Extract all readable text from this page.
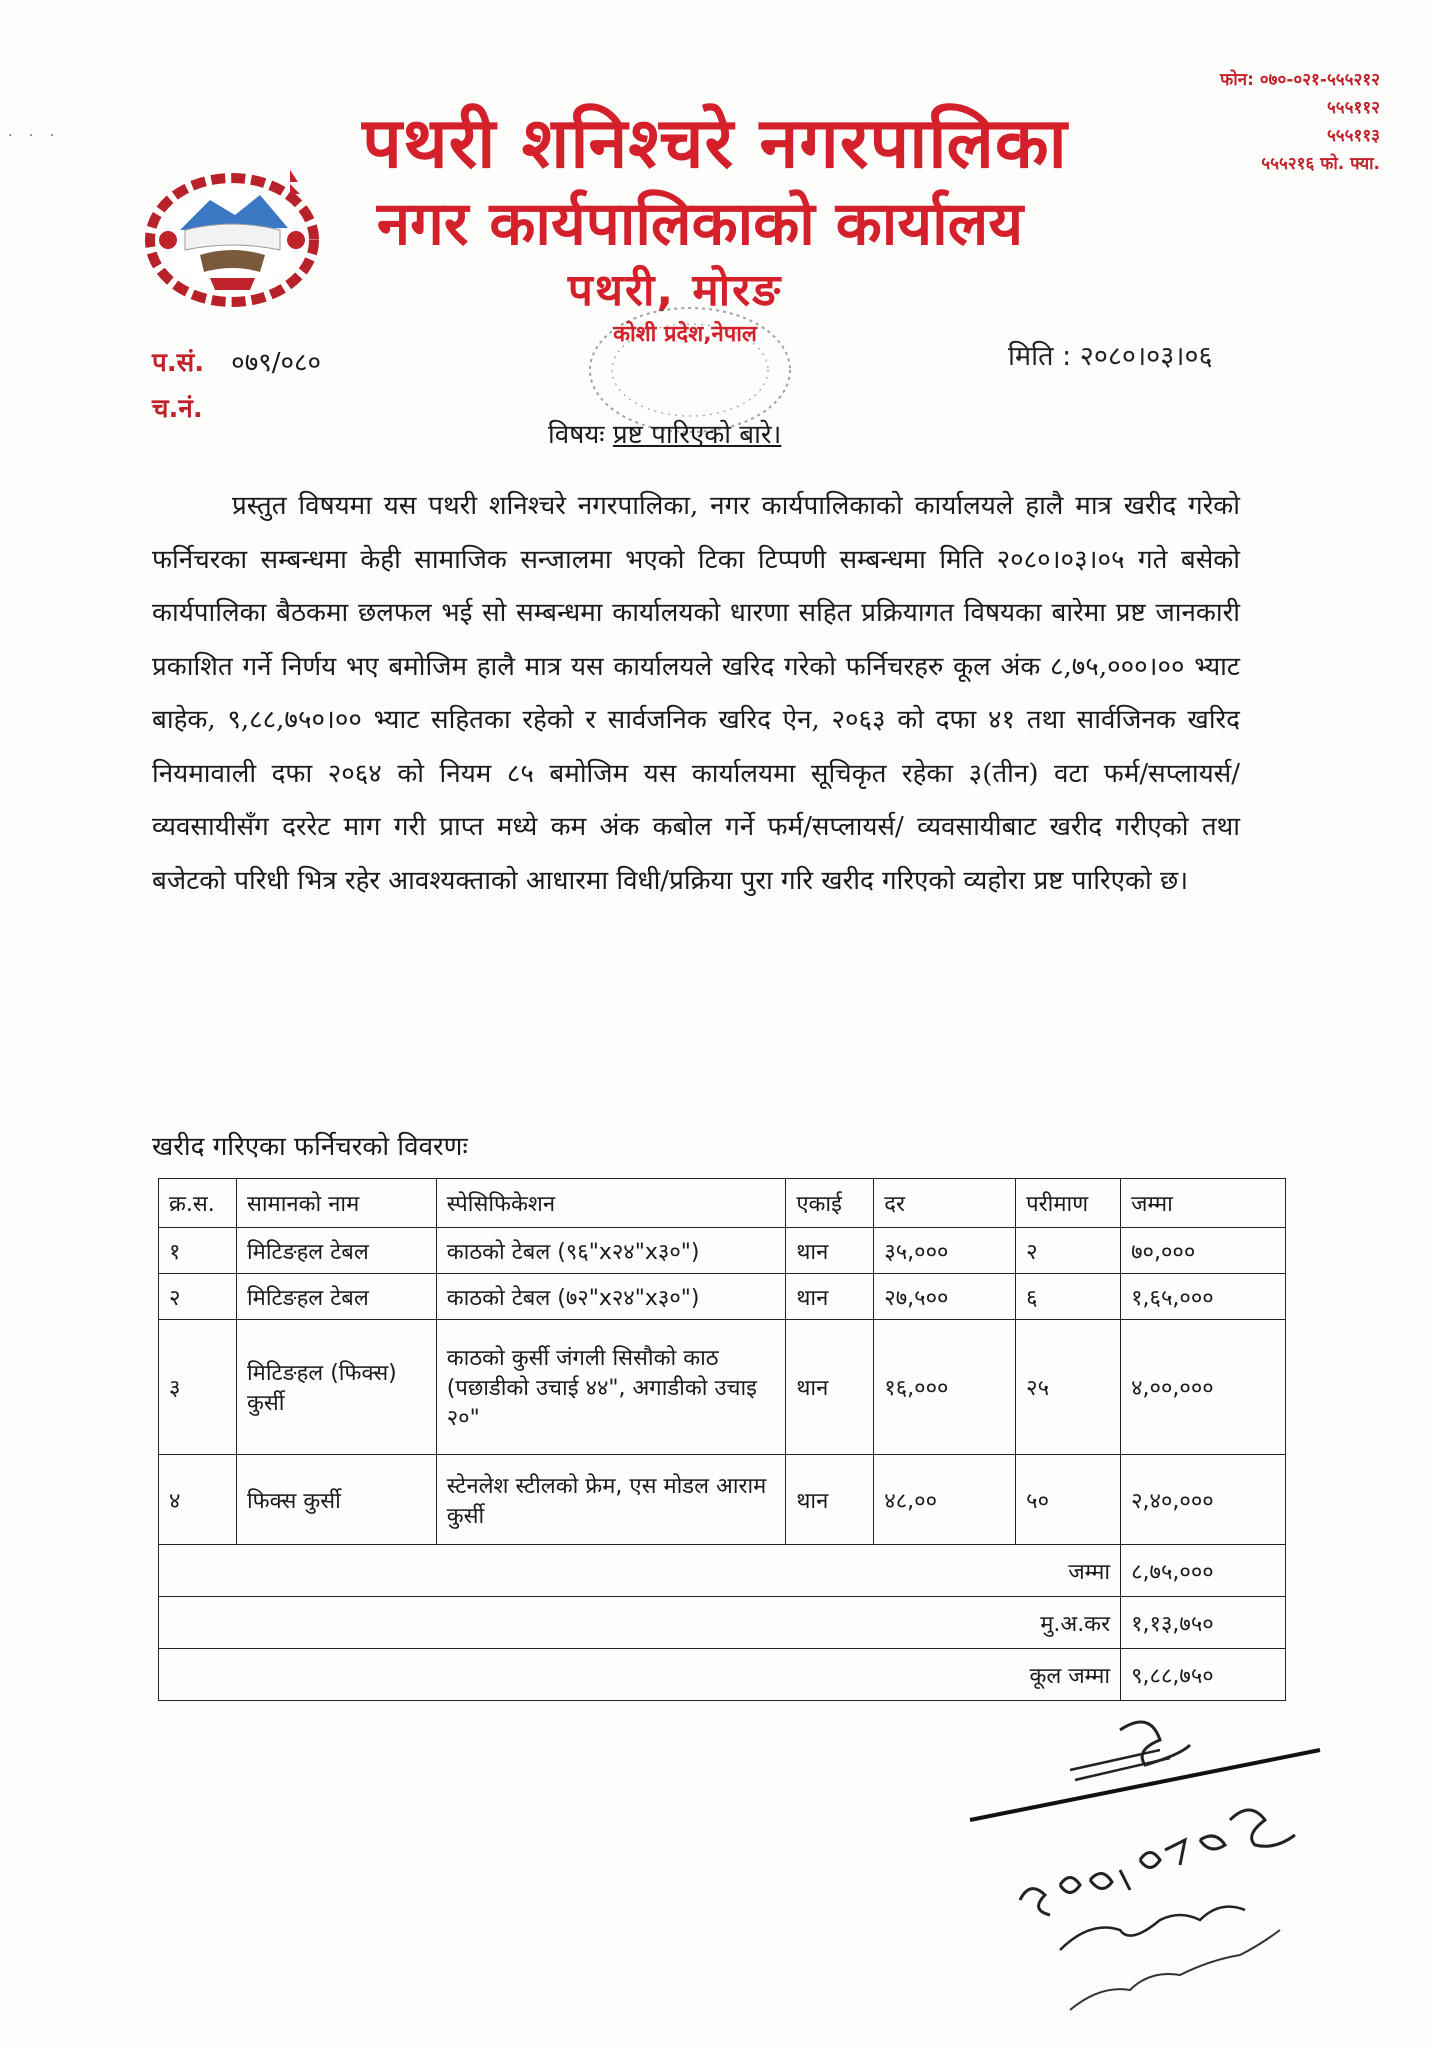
पथरी शनिश्चरे नगरपालिका
नगर कार्यपालिकाको कार्यालय
पथरी, मोरङ
कोशी प्रदेश,नेपाल
फोन: ०७०-०२१-५५५२१२
५५५११२
५५५११३
५५५२१६ फो. फ्या.
· · ·
प.सं. ०७९/०८०
च.नं.
मिति : २०८०।०३।०६
विषयः प्रष्ट पारिएको बारे।
प्रस्तुत विषयमा यस पथरी शनिश्चरे नगरपालिका, नगर कार्यपालिकाको कार्यालयले हालै मात्र खरीद गरेको फर्निचरका सम्बन्धमा केही सामाजिक सन्जालमा भएको टिका टिप्पणी सम्बन्धमा मिति २०८०।०३।०५ गते बसेको कार्यपालिका बैठकमा छलफल भई सो सम्बन्धमा कार्यालयको धारणा सहित प्रक्रियागत विषयका बारेमा प्रष्ट जानकारी प्रकाशित गर्ने निर्णय भए बमोजिम हालै मात्र यस कार्यालयले खरिद गरेको फर्निचरहरु कूल अंक ८,७५,०००।०० भ्याट बाहेक, ९,८८,७५०।०० भ्याट सहितका रहेको र सार्वजनिक खरिद ऐन, २०६३ को दफा ४१ तथा सार्वजिनक खरिद नियमावाली दफा २०६४ को नियम ८५ बमोजिम यस कार्यालयमा सूचिकृत रहेका ३(तीन) वटा फर्म/सप्लायर्स/व्यवसायीसँग दररेट माग गरी प्राप्त मध्ये कम अंक कबोल गर्ने फर्म/सप्लायर्स/ व्यवसायीबाट खरीद गरीएको तथा बजेटको परिधी भित्र रहेर आवश्यक्ताको आधारमा विधी/प्रक्रिया पुरा गरि खरीद गरिएको व्यहोरा प्रष्ट पारिएको छ।
खरीद गरिएका फर्निचरको विवरणः
क्र.स.	सामानको नाम	स्पेसिफिकेशन	एकाई	दर	परीमाण	जम्मा
१	मिटिङहल टेबल	काठको टेबल (९६"x२४"x३०")	थान	३५,०००	२	७०,०००
२	मिटिङहल टेबल	काठको टेबल (७२"x२४"x३०")	थान	२७,५००	६	१,६५,०००
३	मिटिङहल (फिक्स) कुर्सी	काठको कुर्सी जंगली सिसौको काठ (पछाडीको उचाई ४४", अगाडीको उचाइ २०"	थान	१६,०००	२५	४,००,०००
४	फिक्स कुर्सी	स्टेनलेश स्टीलको फ्रेम, एस मोडल आराम कुर्सी	थान	४८,००	५०	२,४०,०००
जम्मा						८,७५,०००
मु.अ.कर						१,१३,७५०
कूल जम्मा						९,८८,७५०
